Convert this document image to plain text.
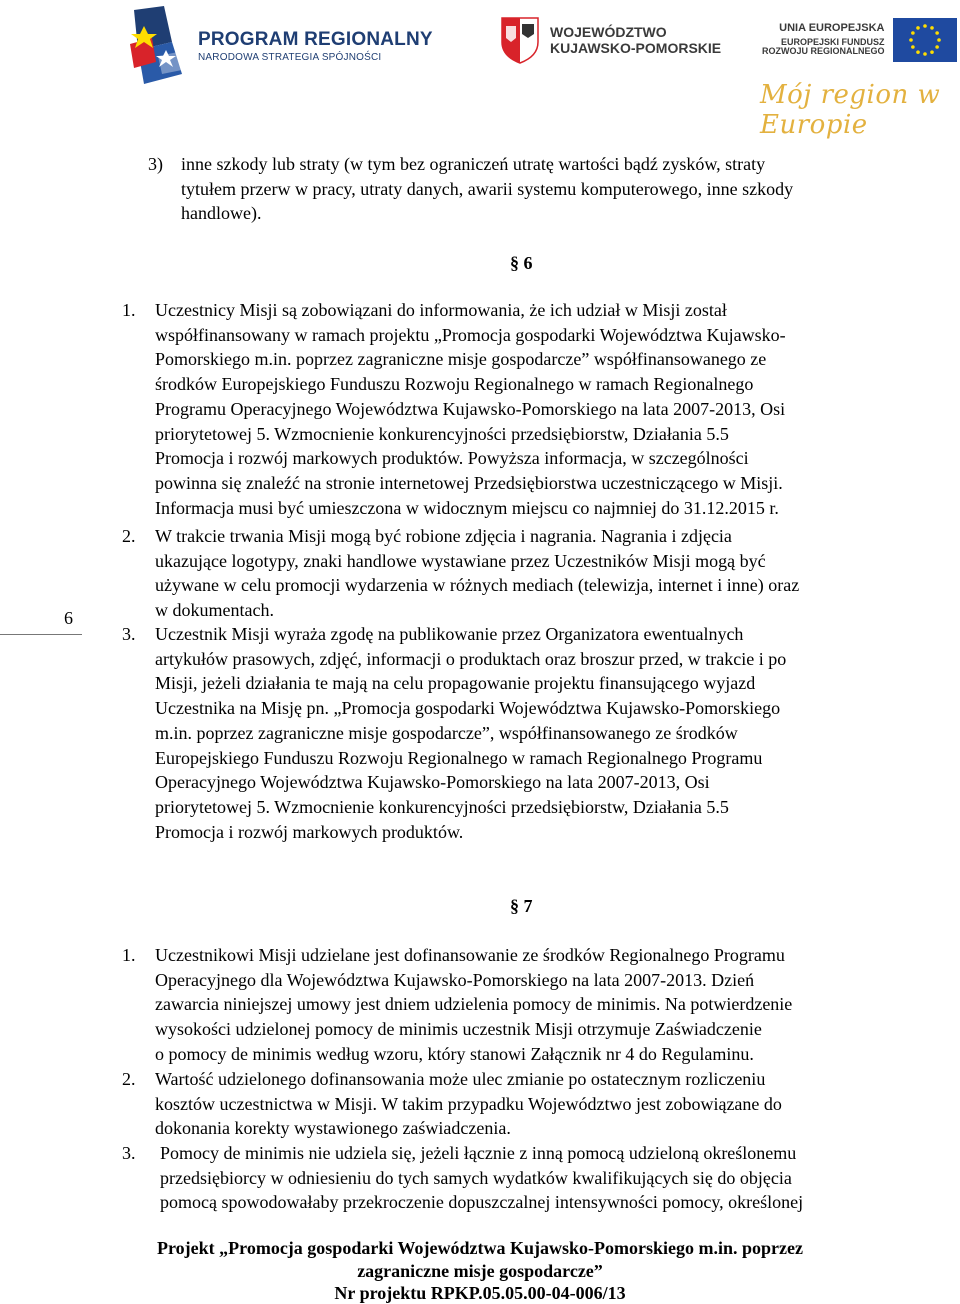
PROGRAM REGIONALNY
NARODOWA STRATEGIA SPÓJNOŚCI
WOJEWÓDZTWO
KUJAWSKO-POMORSKIE
UNIA EUROPEJSKA
EUROPEJSKI FUNDUSZ
ROZWOJU REGIONALNEGO
Mój region w Europie
6
3) inne szkody lub straty (w tym bez ograniczeń utratę wartości bądź zysków, straty
tytułem przerw w pracy, utraty danych, awarii systemu komputerowego, inne szkody
handlowe).
§ 6
1. Uczestnicy Misji są zobowiązani do informowania, że ich udział w Misji został
współfinansowany w ramach projektu „Promocja gospodarki Województwa Kujawsko-
Pomorskiego m.in. poprzez zagraniczne misje gospodarcze” współfinansowanego ze
środków Europejskiego Funduszu Rozwoju Regionalnego w ramach Regionalnego
Programu Operacyjnego Województwa Kujawsko-Pomorskiego na lata 2007-2013, Osi
priorytetowej 5. Wzmocnienie konkurencyjności przedsiębiorstw, Działania 5.5
Promocja i rozwój markowych produktów. Powyższa informacja, w szczególności
powinna się znaleźć na stronie internetowej Przedsiębiorstwa uczestniczącego w Misji.
Informacja musi być umieszczona w widocznym miejscu co najmniej do 31.12.2015 r.
2. W trakcie trwania Misji mogą być robione zdjęcia i nagrania. Nagrania i zdjęcia
ukazujące logotypy, znaki handlowe wystawiane przez Uczestników Misji mogą być
używane w celu promocji wydarzenia w różnych mediach (telewizja, internet i inne) oraz
w dokumentach.
3. Uczestnik Misji wyraża zgodę na publikowanie przez Organizatora ewentualnych
artykułów prasowych, zdjęć, informacji o produktach oraz broszur przed, w trakcie i po
Misji, jeżeli działania te mają na celu propagowanie projektu finansującego wyjazd
Uczestnika na Misję pn. „Promocja gospodarki Województwa Kujawsko-Pomorskiego
m.in. poprzez zagraniczne misje gospodarcze”, współfinansowanego ze środków
Europejskiego Funduszu Rozwoju Regionalnego w ramach Regionalnego Programu
Operacyjnego Województwa Kujawsko-Pomorskiego na lata 2007-2013, Osi
priorytetowej 5. Wzmocnienie konkurencyjności przedsiębiorstw, Działania 5.5
Promocja i rozwój markowych produktów.
§ 7
1. Uczestnikowi Misji udzielane jest dofinansowanie ze środków Regionalnego Programu
Operacyjnego dla Województwa Kujawsko-Pomorskiego na lata 2007-2013. Dzień
zawarcia niniejszej umowy jest dniem udzielenia pomocy de minimis. Na potwierdzenie
wysokości udzielonej pomocy de minimis uczestnik Misji otrzymuje Zaświadczenie
o pomocy de minimis według wzoru, który stanowi Załącznik nr 4 do Regulaminu.
2. Wartość udzielonego dofinansowania może ulec zmianie po ostatecznym rozliczeniu
kosztów uczestnictwa w Misji. W takim przypadku Województwo jest zobowiązane do
dokonania korekty wystawionego zaświadczenia.
3. Pomocy de minimis nie udziela się, jeżeli łącznie z inną pomocą udzieloną określonemu
przedsiębiorcy w odniesieniu do tych samych wydatków kwalifikujących się do objęcia
pomocą spowodowałaby przekroczenie dopuszczalnej intensywności pomocy, określonej
Projekt „Promocja gospodarki Województwa Kujawsko-Pomorskiego m.in. poprzez
zagraniczne misje gospodarcze”
Nr projektu RPKP.05.05.00-04-006/13
